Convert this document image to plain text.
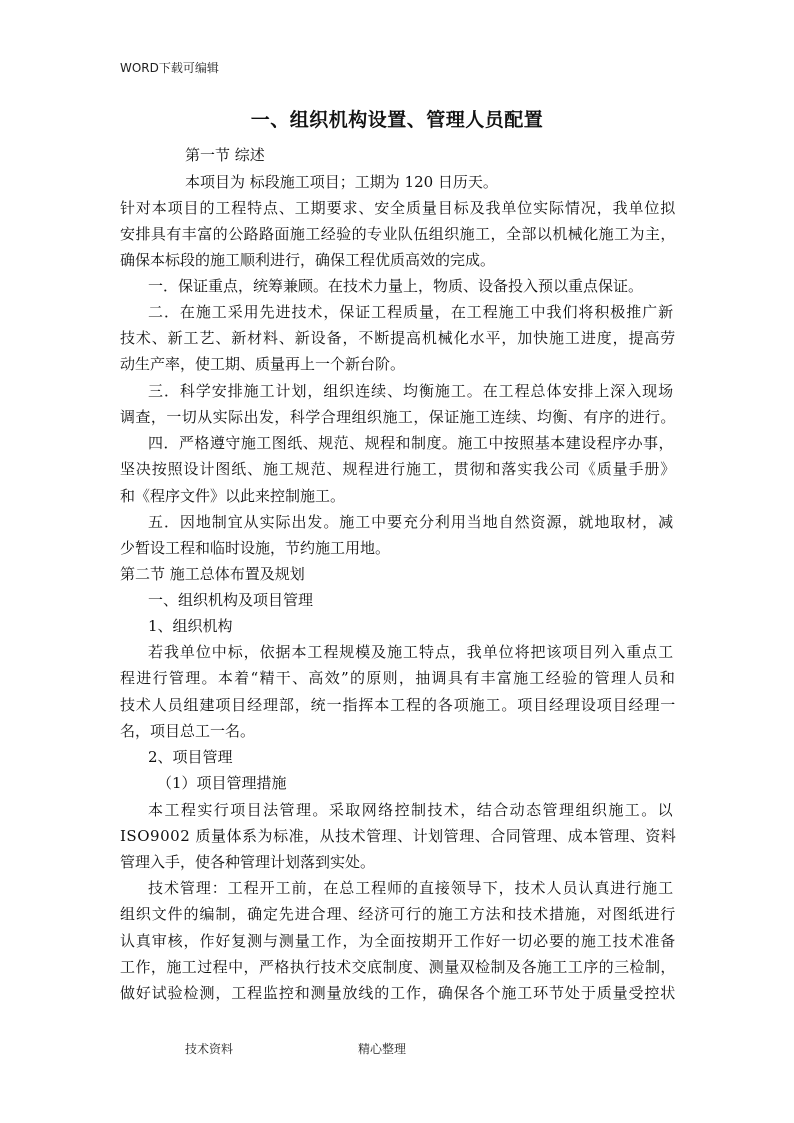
WORD下载可编辑
一、组织机构设置、管理人员配置
第一节 综述
本项目为 标段施工项目；工期为 120 日历天。
针对本项目的工程特点、工期要求、安全质量目标及我单位实际情况，我单位拟
安排具有丰富的公路路面施工经验的专业队伍组织施工，全部以机械化施工为主，
确保本标段的施工顺利进行，确保工程优质高效的完成。
一．保证重点，统筹兼顾。在技术力量上，物质、设备投入预以重点保证。
二．在施工采用先进技术，保证工程质量，在工程施工中我们将积极推广新
技术、新工艺、新材料、新设备，不断提高机械化水平，加快施工进度，提高劳
动生产率，使工期、质量再上一个新台阶。
三．科学安排施工计划，组织连续、均衡施工。在工程总体安排上深入现场
调查，一切从实际出发，科学合理组织施工，保证施工连续、均衡、有序的进行。
四．严格遵守施工图纸、规范、规程和制度。施工中按照基本建设程序办事，
坚决按照设计图纸、施工规范、规程进行施工，贯彻和落实我公司《质量手册》
和《程序文件》以此来控制施工。
五．因地制宜从实际出发。施工中要充分利用当地自然资源，就地取材，减
少暂设工程和临时设施，节约施工用地。
第二节 施工总体布置及规划
一、组织机构及项目管理
1、组织机构
若我单位中标，依据本工程规模及施工特点，我单位将把该项目列入重点工
程进行管理。本着“精干、高效”的原则，抽调具有丰富施工经验的管理人员和
技术人员组建项目经理部，统一指挥本工程的各项施工。项目经理设项目经理一
名，项目总工一名。
2、项目管理
（1）项目管理措施
本工程实行项目法管理。采取网络控制技术，结合动态管理组织施工。以
ISO9002 质量体系为标准，从技术管理、计划管理、合同管理、成本管理、资料
管理入手，使各种管理计划落到实处。
技术管理：工程开工前，在总工程师的直接领导下，技术人员认真进行施工
组织文件的编制，确定先进合理、经济可行的施工方法和技术措施，对图纸进行
认真审核，作好复测与测量工作，为全面按期开工作好一切必要的施工技术准备
工作，施工过程中，严格执行技术交底制度、测量双检制及各施工工序的三检制，
做好试验检测，工程监控和测量放线的工作，确保各个施工环节处于质量受控状
技术资料	精心整理
